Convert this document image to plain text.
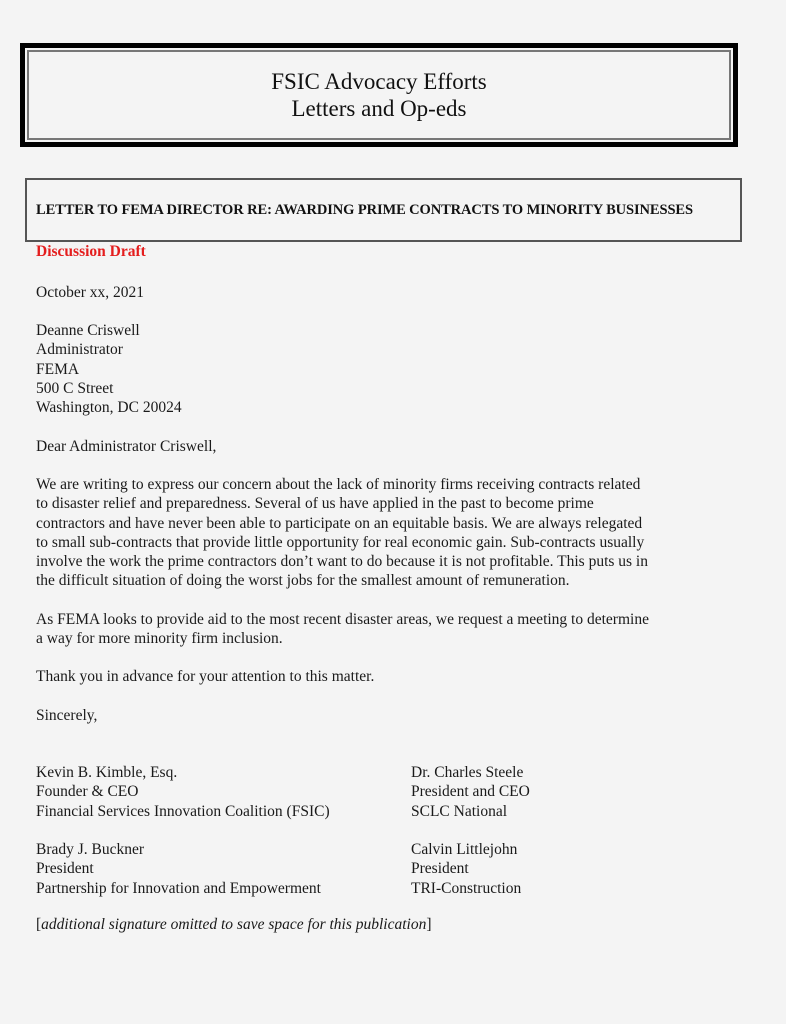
FSIC Advocacy Efforts
Letters and Op-eds
LETTER TO FEMA DIRECTOR RE: AWARDING PRIME CONTRACTS TO MINORITY BUSINESSES
Discussion Draft
October xx, 2021
Deanne Criswell
Administrator
FEMA
500 C Street
Washington, DC 20024
Dear Administrator Criswell,
We are writing to express our concern about the lack of minority firms receiving contracts related
to disaster relief and preparedness. Several of us have applied in the past to become prime
contractors and have never been able to participate on an equitable basis. We are always relegated
to small sub-contracts that provide little opportunity for real economic gain. Sub-contracts usually
involve the work the prime contractors don’t want to do because it is not profitable. This puts us in
the difficult situation of doing the worst jobs for the smallest amount of remuneration.
As FEMA looks to provide aid to the most recent disaster areas, we request a meeting to determine
a way for more minority firm inclusion.
Thank you in advance for your attention to this matter.
Sincerely,
Kevin B. Kimble, Esq.
Founder & CEO
Financial Services Innovation Coalition (FSIC)
Dr. Charles Steele
President and CEO
SCLC National
Brady J. Buckner
President
Partnership for Innovation and Empowerment
Calvin Littlejohn
President
TRI-Construction
[additional signature omitted to save space for this publication]
